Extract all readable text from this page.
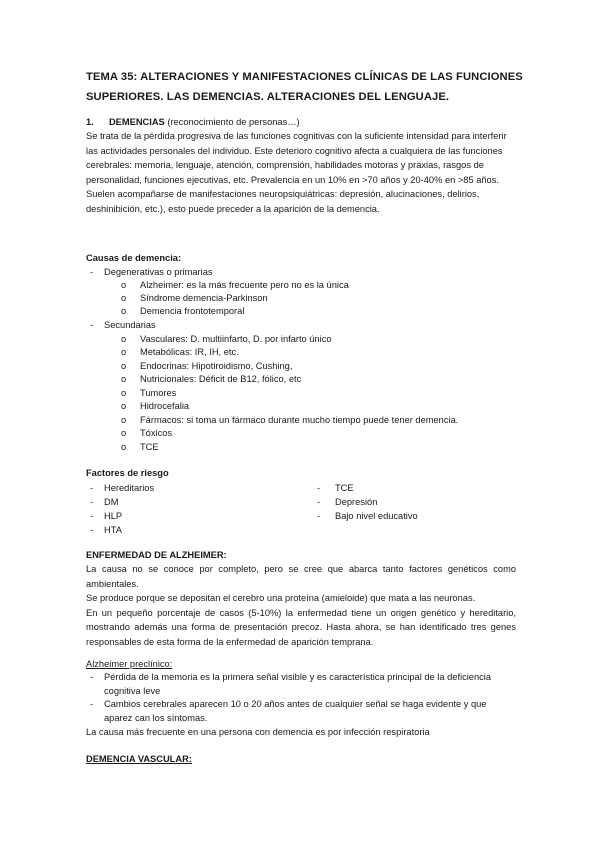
TEMA 35: ALTERACIONES Y MANIFESTACIONES CLÍNICAS DE LAS FUNCIONES
SUPERIORES. LAS DEMENCIAS. ALTERACIONES DEL LENGUAJE.
1. DEMENCIAS (reconocimiento de personas…)

Se trata de la pérdida progresiva de las funciones cognitivas con la suficiente intensidad para interferir las actividades personales del individuo. Este deterioro cognitivo afecta a cualquiera de las funciones cerebrales: memoria, lenguaje, atención, comprensión, habilidades motoras y praxias, rasgos de personalidad, funciones ejecutivas, etc. Prevalencia en un 10% en >70 años y 20-40% en >85 años.

Suelen acompañarse de manifestaciones neuropsiquiátricas: depresión, alucinaciones, delirios, deshinibición, etc.), esto puede preceder a la aparición de la demencia.

Causas de demencia:
- Degenerativas o primarias
o Alzheimer: es la más frecuente pero no es la única
o Síndrome demencia-Parkinson
o Demencia frontotemporal
- Secundarias
o Vasculares: D. multiinfarto, D. por infarto único
o Metabólicas: IR, IH, etc.
o Endocrinas: Hipotiroidismo, Cushing,
o Nutricionales: Déficit de B12, fólico, etc
o Tumores
o Hidrocefalia
o Fármacos: si toma un fármaco durante mucho tiempo puede tener demencia.
o Tóxicos
o TCE
Factores de riesgo
- Hereditarios
- DM
- HLP
- HTA
- TCE
- Depresión
- Bajo nivel educativo
ENFERMEDAD DE ALZHEIMER:

La causa no se conoce por completo, pero se cree que abarca tanto factores genéticos como ambientales.

Se produce porque se depositan el cerebro una proteína (amieloide) que mata a las neuronas.

En un pequeño porcentaje de casos (5-10%) la enfermedad tiene un origen genético y hereditario, mostrando además una forma de presentación precoz. Hasta ahora, se han identificado tres genes responsables de esta forma de la enfermedad de aparición temprana.

Alzheimer preclínico:
- Pérdida de la memoria es la primera señal visible y es característica principal de la deficiencia cognitiva leve
- Cambios cerebrales aparecen 10 o 20 años antes de cualquier señal se haga evidente y que aparez can los síntomas.
La causa más frecuente en una persona con demencia es por infección respiratoria
DEMENCIA VASCULAR:
